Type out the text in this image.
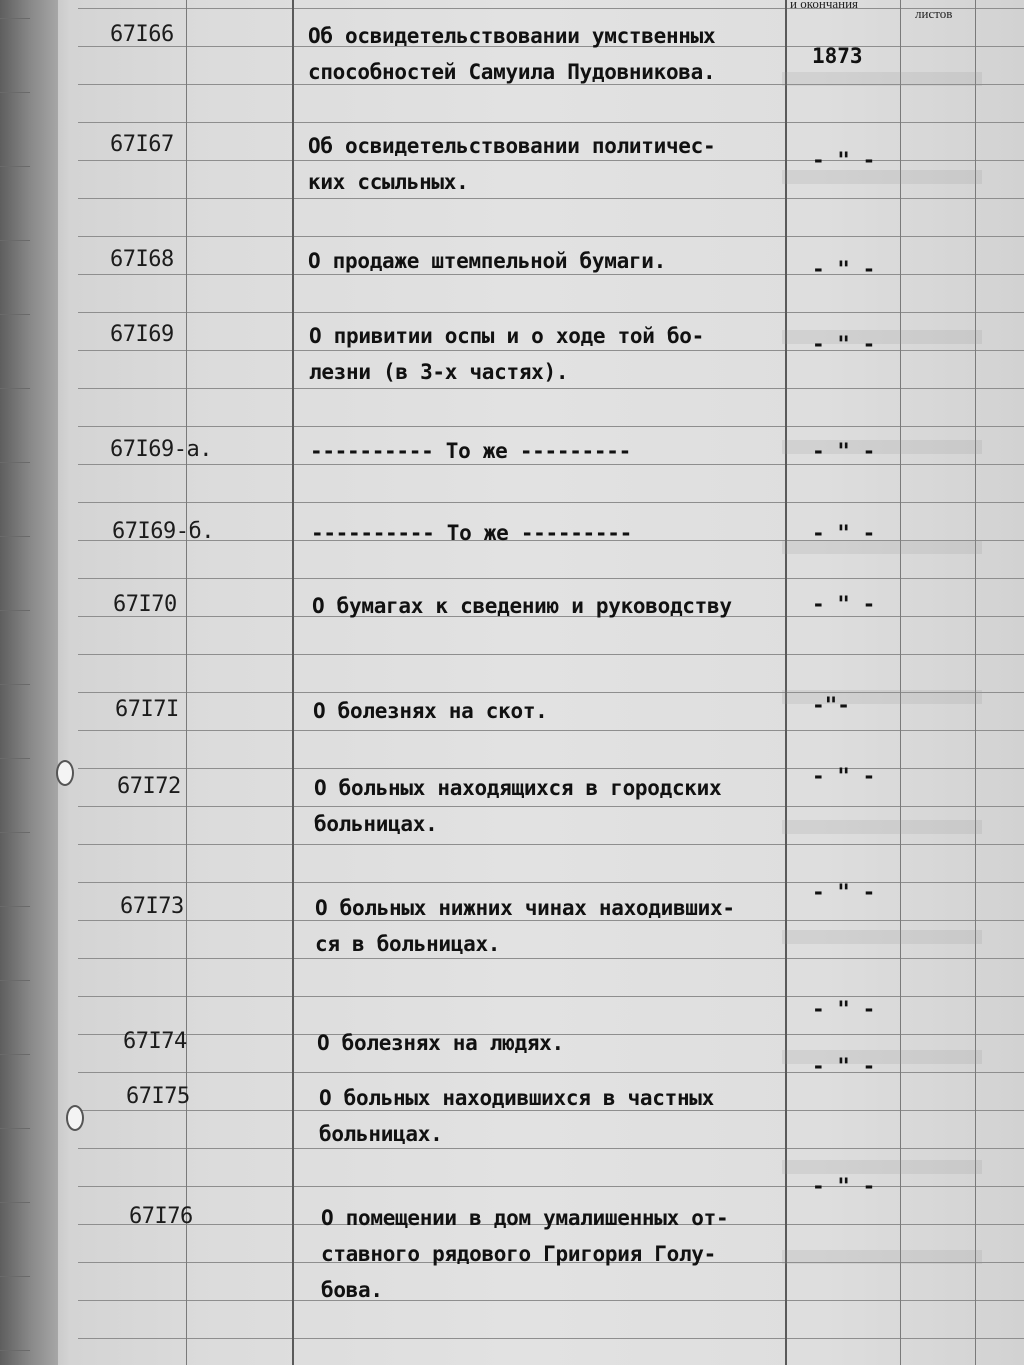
и окончания
листов
67I66	Об освидетельствовании умственных
способностей Самуила Пудовникова.
1873
67I67	Об освидетельствовании политичес-
ких ссыльных.
- " -
67I68	О продаже штемпельной бумаги.	- " -
67I69	О привитии оспы и о ходе той бо-
лезни (в 3-х частях).
- " -
67I69-а.	---------- То же ---------	- " -
67I69-б.	---------- То же ---------	- " -
67I70	О бумагах к сведению и руководству	- " -
67I7I	О болезнях на скот.	-"-
67I72	О больных находящихся в городских
больницах.
- " -
67I73	О больных нижних чинах находивших-
ся в больницах.
- " -
67I74	О болезнях на людях.
- " -
67I75	О больных находившихся в частных
больницах.
- " -
67I76	О помещении в дом умалишенных от-
ставного рядового Григория Голу-
бова.
- " -
